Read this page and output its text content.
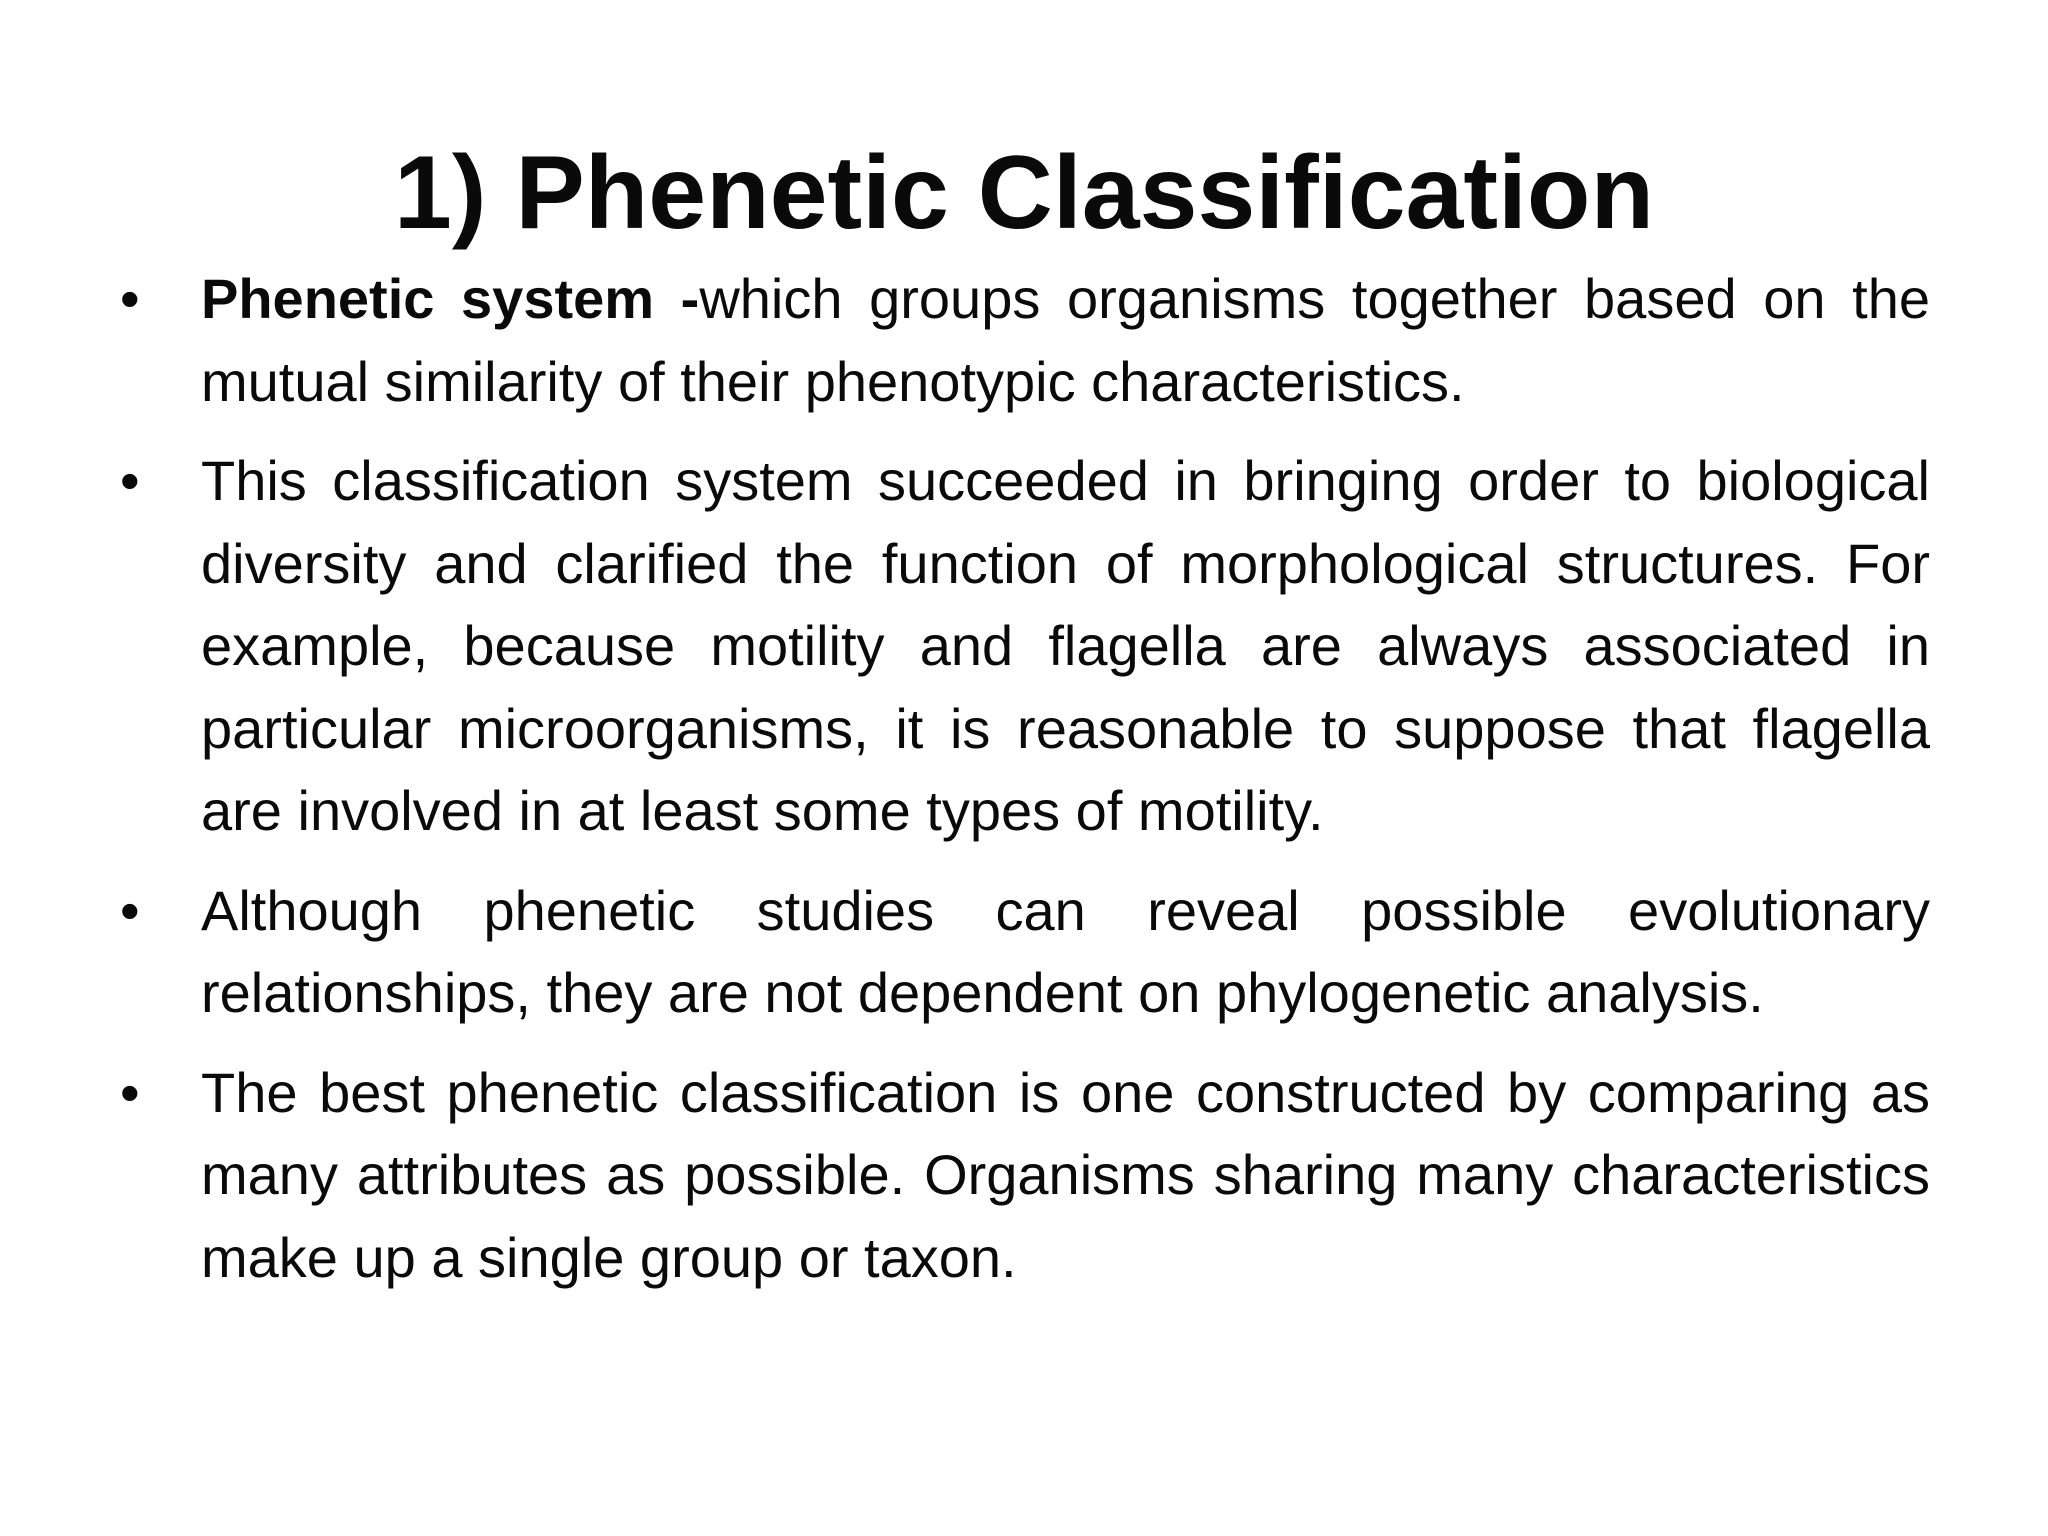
1) Phenetic Classification
•	Phenetic system -which groups organisms together based on the mutual similarity of their phenotypic characteristics.
•	This classification system succeeded in bringing order to biological diversity and clarified the function of morphological structures. For example, because motility and flagella are always associated in particular microorganisms, it is reasonable to suppose that flagella are involved in at least some types of motility.
•	Although phenetic studies can reveal possible evolutionary relationships, they are not dependent on phylogenetic analysis.
•	The best phenetic classification is one constructed by comparing as many attributes as possible. Organisms sharing many characteristics make up a single group or taxon.
